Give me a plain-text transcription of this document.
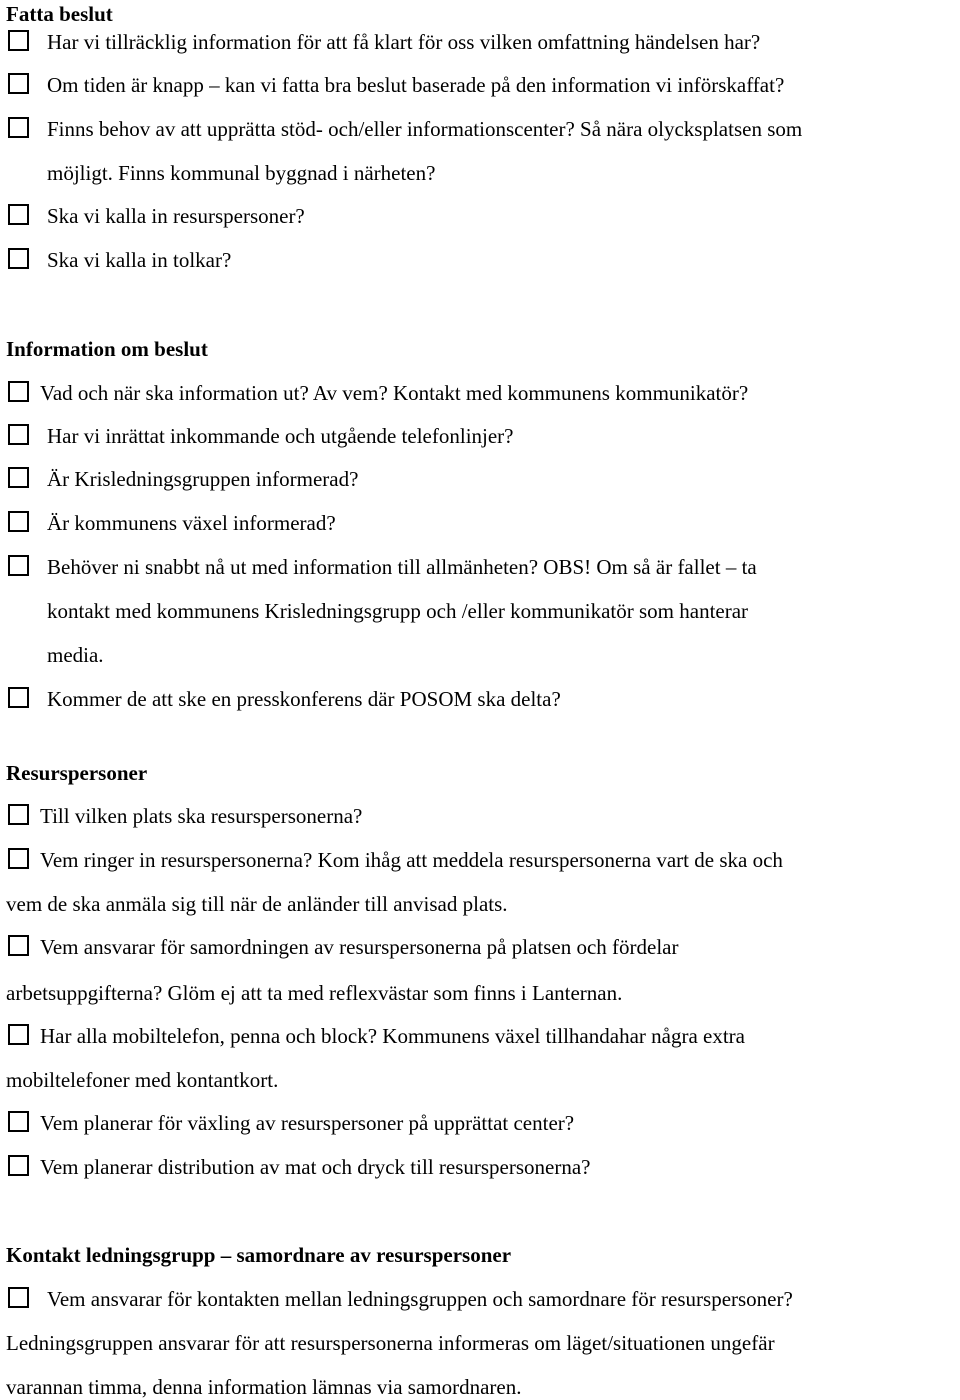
Fatta beslut
Har vi tillräcklig information för att få klart för oss vilken omfattning händelsen har?
Om tiden är knapp – kan vi fatta bra beslut baserade på den information vi införskaffat?
Finns behov av att upprätta stöd- och/eller informationscenter? Så nära olycksplatsen som
möjligt. Finns kommunal byggnad i närheten?
Ska vi kalla in resurspersoner?
Ska vi kalla in tolkar?
Information om beslut
Vad och när ska information ut? Av vem? Kontakt med kommunens kommunikatör?
Har vi inrättat inkommande och utgående telefonlinjer?
Är Krisledningsgruppen informerad?
Är kommunens växel informerad?
Behöver ni snabbt nå ut med information till allmänheten? OBS! Om så är fallet – ta
kontakt med kommunens Krisledningsgrupp och /eller kommunikatör som hanterar
media.
Kommer de att ske en presskonferens där POSOM ska delta?
Resurspersoner
Till vilken plats ska resurspersonerna?
Vem ringer in resurspersonerna? Kom ihåg att meddela resurspersonerna vart de ska och
vem de ska anmäla sig till när de anländer till anvisad plats.
Vem ansvarar för samordningen av resurspersonerna på platsen och fördelar
arbetsuppgifterna? Glöm ej att ta med reflexvästar som finns i Lanternan.
Har alla mobiltelefon, penna och block? Kommunens växel tillhandahar några extra
mobiltelefoner med kontantkort.
Vem planerar för växling av resurspersoner på upprättat center?
Vem planerar distribution av mat och dryck till resurspersonerna?
Kontakt ledningsgrupp – samordnare av resurspersoner
Vem ansvarar för kontakten mellan ledningsgruppen och samordnare för resurspersoner?
Ledningsgruppen ansvarar för att resurspersonerna informeras om läget/situationen ungefär
varannan timma, denna information lämnas via samordnaren.
